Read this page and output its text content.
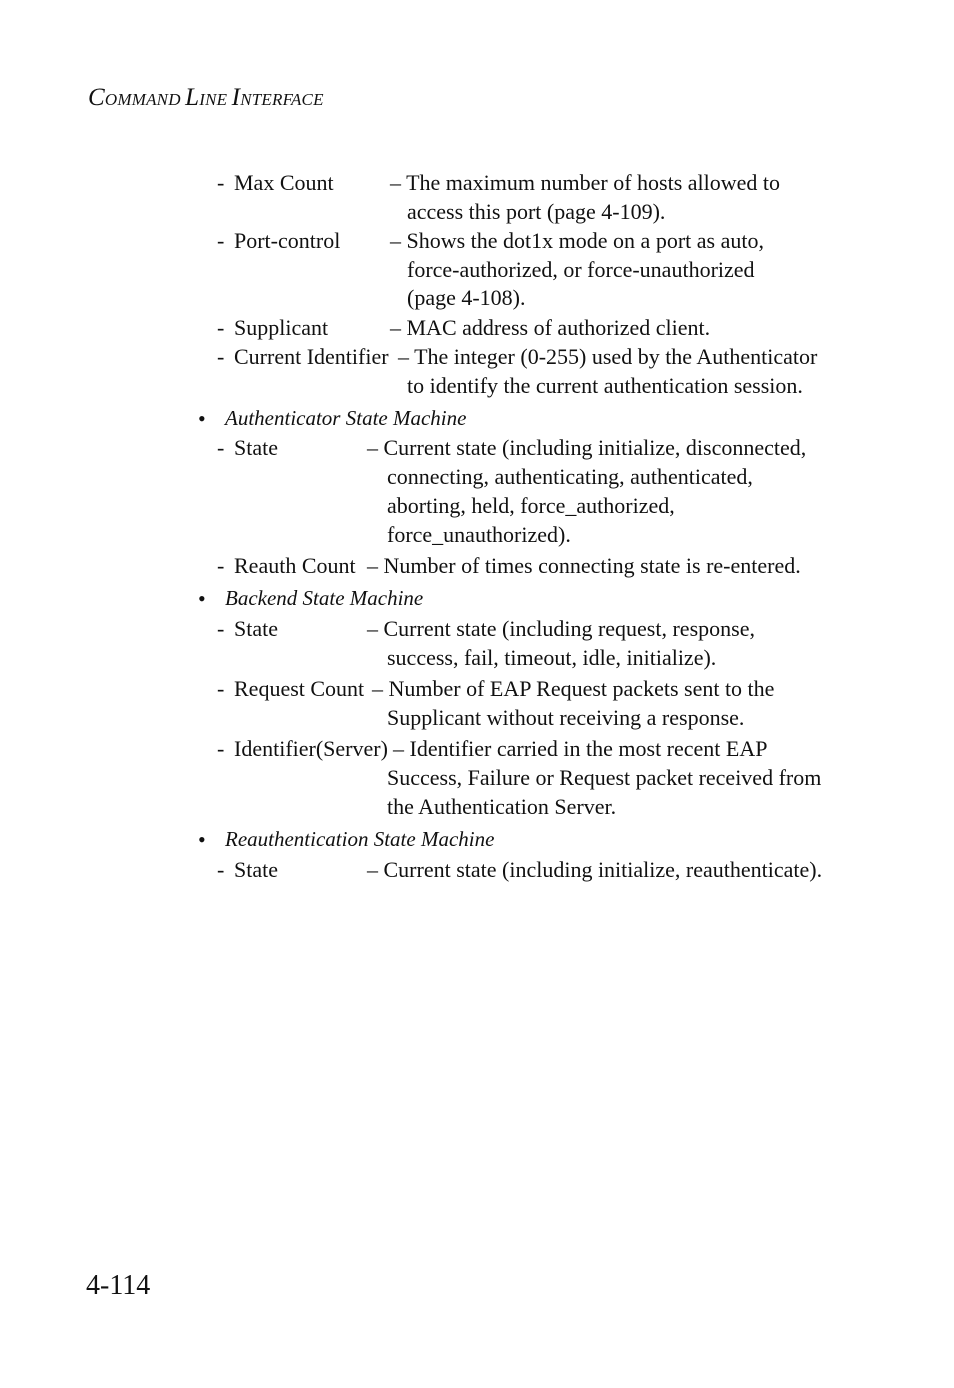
COMMAND LINE INTERFACE
- Max Count	– The maximum number of hosts allowed to
access this port (page 4-109).
- Port-control – Shows the dot1x mode on a port as auto,
force-authorized, or force-unauthorized
(page 4-108).
- Supplicant	– MAC address of authorized client.
- Current Identifier – The integer (0-255) used by the Authenticator
to identify the current authentication session.
• Authenticator State Machine
- State	– Current state (including initialize, disconnected,
connecting, authenticating, authenticated,
aborting, held, force_authorized,
force_unauthorized).
- Reauth Count – Number of times connecting state is re-entered.
• Backend State Machine
- State	– Current state (including request, response,
success, fail, timeout, idle, initialize).
- Request Count – Number of EAP Request packets sent to the
Supplicant without receiving a response.
- Identifier(Server) – Identifier carried in the most recent EAP
Success, Failure or Request packet received from
the Authentication Server.
• Reauthentication State Machine
- State	– Current state (including initialize, reauthenticate).
4-114
